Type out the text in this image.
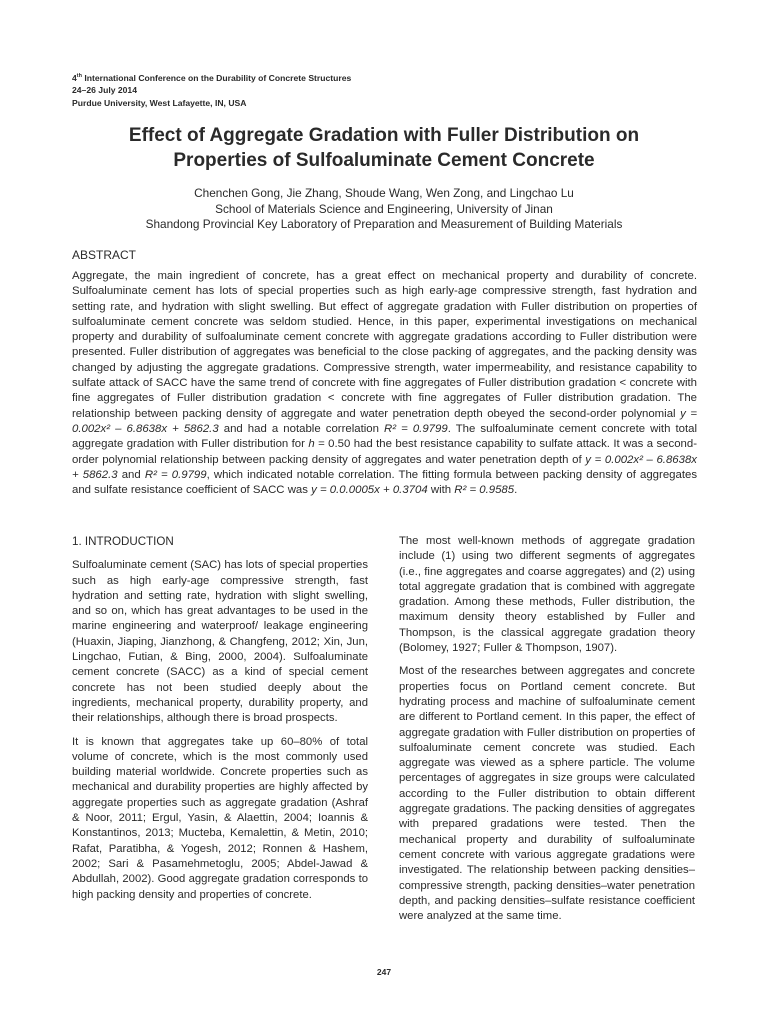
4th International Conference on the Durability of Concrete Structures
24–26 July 2014
Purdue University, West Lafayette, IN, USA
Effect of Aggregate Gradation with Fuller Distribution on
Properties of Sulfoaluminate Cement Concrete
Chenchen Gong, Jie Zhang, Shoude Wang, Wen Zong, and Lingchao Lu
School of Materials Science and Engineering, University of Jinan
Shandong Provincial Key Laboratory of Preparation and Measurement of Building Materials
ABSTRACT
Aggregate, the main ingredient of concrete, has a great effect on mechanical property and durability of concrete. Sulfoaluminate cement has lots of special properties such as high early-age compressive strength, fast hydration and setting rate, and hydration with slight swelling. But effect of aggregate gradation with Fuller distribution on properties of sulfoaluminate cement concrete was seldom studied. Hence, in this paper, experimental investigations on mechanical property and durability of sulfoaluminate cement concrete with aggregate gradations according to Fuller distribution were presented. Fuller distribution of aggregates was beneficial to the close packing of aggregates, and the packing density was changed by adjusting the aggregate gradations. Compressive strength, water impermeability, and resistance capability to sulfate attack of SACC have the same trend of concrete with fine aggregates of Fuller distribution gradation < concrete with fine aggregates of Fuller distribution gradation < concrete with fine aggregates of Fuller distribution gradation. The relationship between packing density of aggregate and water penetration depth obeyed the second-order polynomial y = 0.002x² – 6.8638x + 5862.3 and had a notable correlation R² = 0.9799. The sulfoaluminate cement concrete with total aggregate gradation with Fuller distribution for h = 0.50 had the best resistance capability to sulfate attack. It was a second-order polynomial relationship between packing density of aggregates and water penetration depth of y = 0.002x² – 6.8638x + 5862.3 and R² = 0.9799, which indicated notable correlation. The fitting formula between packing density of aggregates and sulfate resistance coefficient of SACC was y = 0.0.0005x + 0.3704 with R² = 0.9585.
1. INTRODUCTION

Sulfoaluminate cement (SAC) has lots of special properties such as high early-age compressive strength, fast hydration and setting rate, hydration with slight swelling, and so on, which has great advantages to be used in the marine engineering and waterproof/ leakage engineering (Huaxin, Jiaping, Jianzhong, & Changfeng, 2012; Xin, Jun, Lingchao, Futian, & Bing, 2000, 2004). Sulfoaluminate cement concrete (SACC) as a kind of special cement concrete has not been studied deeply about the ingredients, mechanical property, durability property, and their relationships, although there is broad prospects.

It is known that aggregates take up 60–80% of total volume of concrete, which is the most commonly used building material worldwide. Concrete properties such as mechanical and durability properties are highly affected by aggregate properties such as aggregate gradation (Ashraf & Noor, 2011; Ergul, Yasin, & Alaettin, 2004; Ioannis & Konstantinos, 2013; Mucteba, Kemalettin, & Metin, 2010; Rafat, Paratibha, & Yogesh, 2012; Ronnen & Hashem, 2002; Sari & Pasamehmetoglu, 2005; Abdel-Jawad & Abdullah, 2002). Good aggregate gradation corresponds to high packing density and properties of concrete.

The most well-known methods of aggregate gradation include (1) using two different segments of aggregates (i.e., fine aggregates and coarse aggregates) and (2) using total aggregate gradation that is combined with aggregate gradation. Among these methods, Fuller distribution, the maximum density theory established by Fuller and Thompson, is the classical aggregate gradation theory (Bolomey, 1927; Fuller & Thompson, 1907).

Most of the researches between aggregates and concrete properties focus on Portland cement concrete. But hydrating process and machine of sulfoaluminate cement are different to Portland cement. In this paper, the effect of aggregate gradation with Fuller distribution on properties of sulfoaluminate cement concrete was studied. Each aggregate was viewed as a sphere particle. The volume percentages of aggregates in size groups were calculated according to the Fuller distribution to obtain different aggregate gradations. The packing densities of aggregates with prepared gradations were tested. Then the mechanical property and durability of sulfoaluminate cement concrete with various aggregate gradations were investigated. The relationship between packing densities–compressive strength, packing densities–water penetration depth, and packing densities–sulfate resistance coefficient were analyzed at the same time.

247
